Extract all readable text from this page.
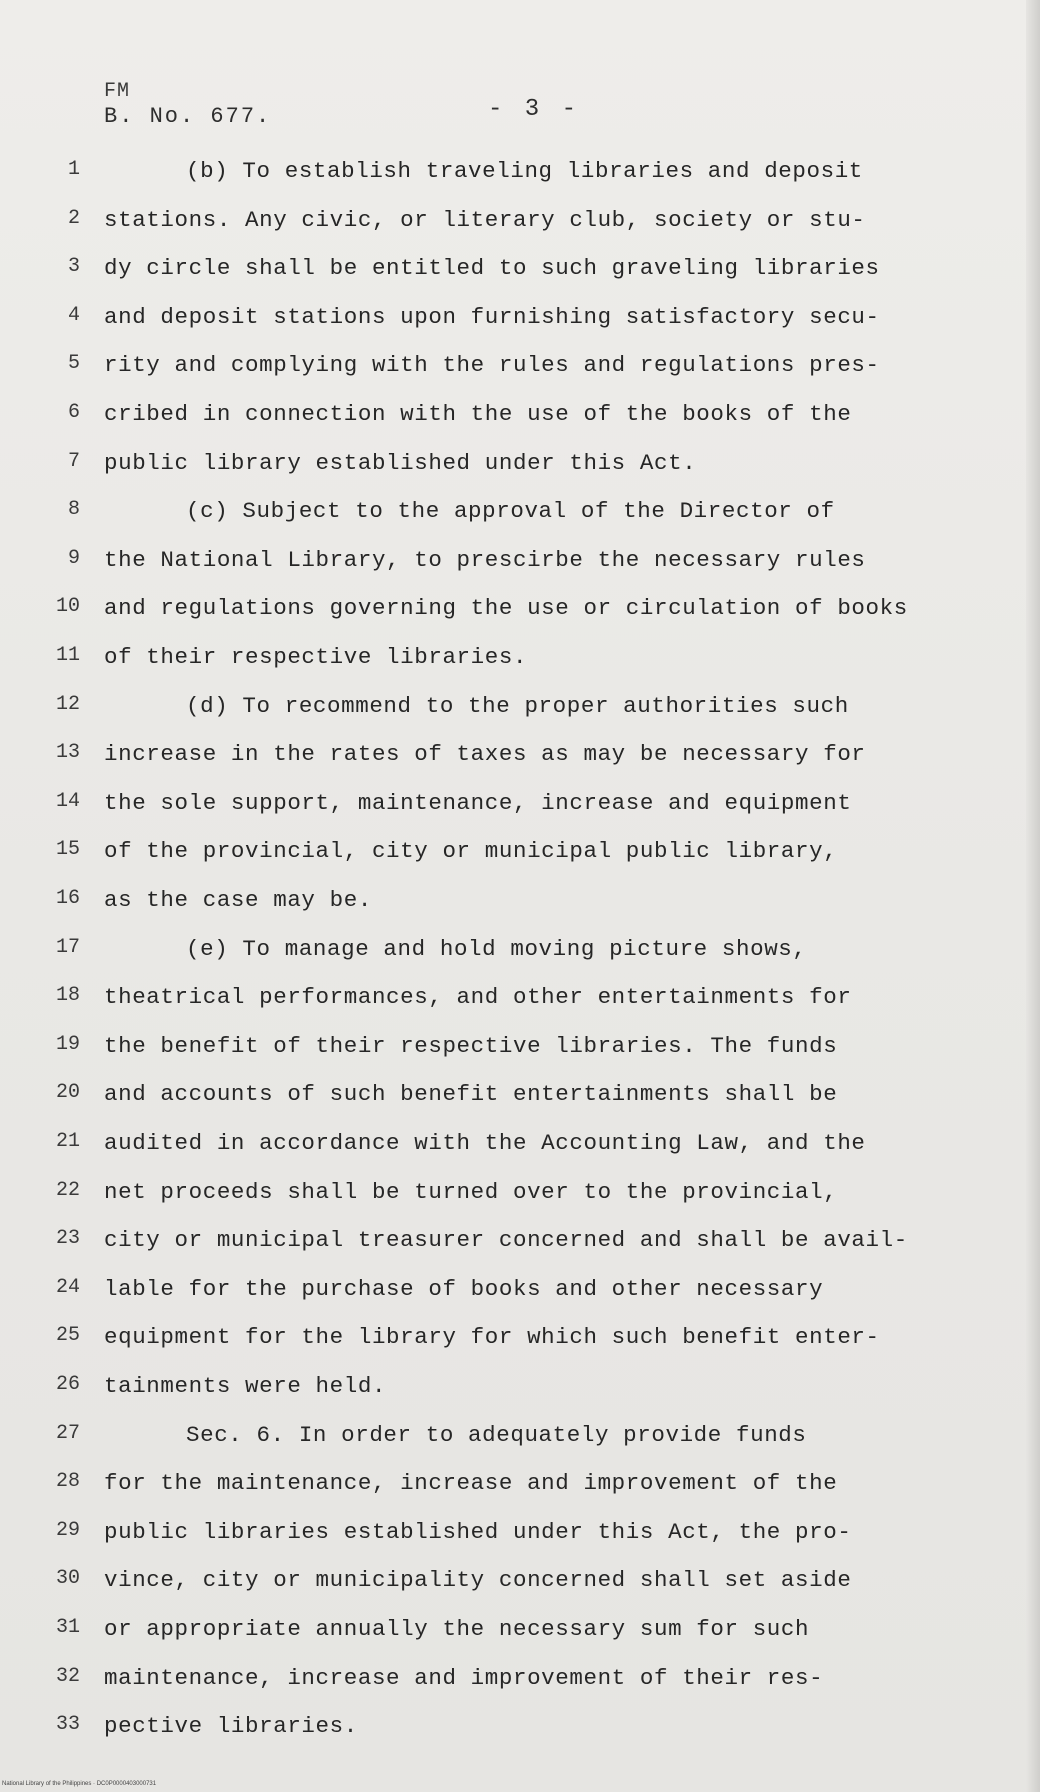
FM
B. No. 677.	- 3 -
1	(b) To establish traveling libraries and deposit
2 stations. Any civic, or literary club, society or stu-
3 dy circle shall be entitled to such graveling libraries
4 and deposit stations upon furnishing satisfactory secu-
5 rity and complying with the rules and regulations pres-
6 cribed in connection with the use of the books of the
7 public library established under this Act.
8	(c) Subject to the approval of the Director of
9 the National Library, to prescirbe the necessary rules
10 and regulations governing the use or circulation of books
11 of their respective libraries.
12	(d) To recommend to the proper authorities such
13 increase in the rates of taxes as may be necessary for
14 the sole support, maintenance, increase and equipment
15 of the provincial, city or municipal public library,
16 as the case may be.
17	(e) To manage and hold moving picture shows,
18 theatrical performances, and other entertainments for
19 the benefit of their respective libraries. The funds
20 and accounts of such benefit entertainments shall be
21 audited in accordance with the Accounting Law, and the
22 net proceeds shall be turned over to the provincial,
23 city or municipal treasurer concerned and shall be avail-
24 lable for the purchase of books and other necessary
25 equipment for the library for which such benefit enter-
26 tainments were held.
27	Sec. 6. In order to adequately provide funds
28 for the maintenance, increase and improvement of the
29 public libraries established under this Act, the pro-
30 vince, city or municipality concerned shall set aside
31 or appropriate annually the necessary sum for such
32 maintenance, increase and improvement of their res-
33 pective libraries.
National Library of the Philippines · DC0P0000403000731
